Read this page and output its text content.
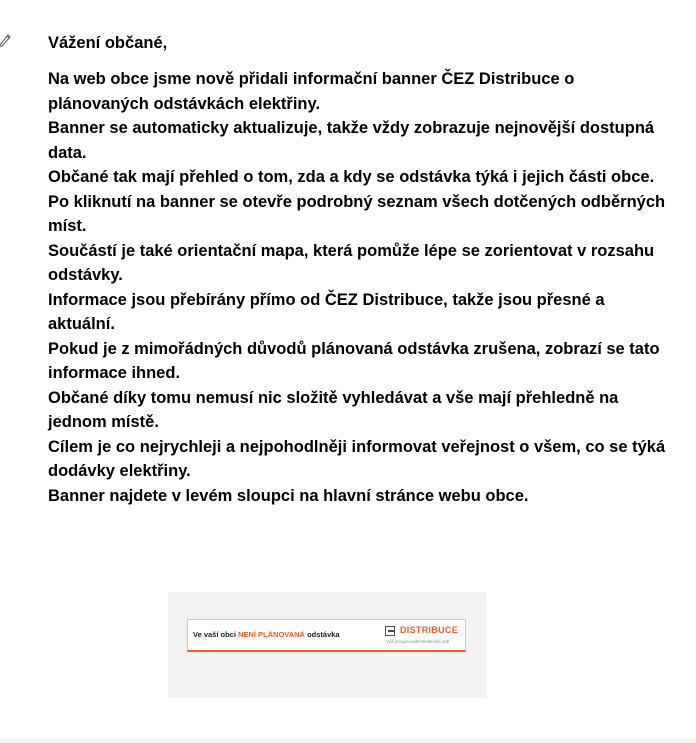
Vážení občané,

Na web obce jsme nově přidali informační banner ČEZ Distribuce o plánovaných odstávkách elektřiny.

Banner se automaticky aktualizuje, takže vždy zobrazuje nejnovější dostupná data.

Občané tak mají přehled o tom, zda a kdy se odstávka týká i jejich části obce.

Po kliknutí na banner se otevře podrobný seznam všech dotčených odběrných míst.

Součástí je také orientační mapa, která pomůže lépe se zorientovat v rozsahu odstávky.

Informace jsou přebírány přímo od ČEZ Distribuce, takže jsou přesné a aktuální.

Pokud je z mimořádných důvodů plánovaná odstávka zrušena, zobrazí se tato informace ihned.

Občané díky tomu nemusí nic složitě vyhledávat a vše mají přehledně na jednom místě.

Cílem je co nejrychleji a nejpohodlněji informovat veřejnost o všem, co se týká dodávky elektřiny.

Banner najdete v levém sloupci na hlavní stránce webu obce.

Ve vaší obci NENÍ PLÁNOVANÁ odstávka	DISTRIBUCE
Váš provozovatel elektrické sítě
